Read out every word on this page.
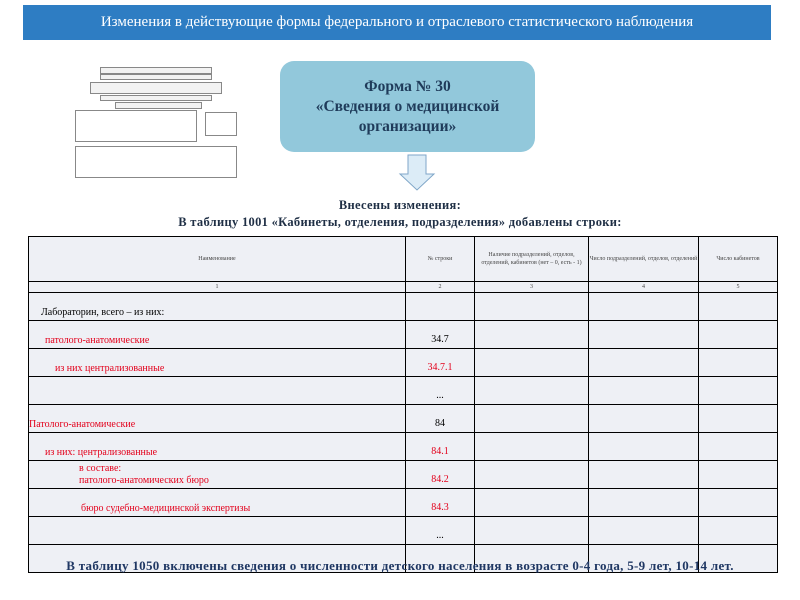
Изменения в действующие формы федерального и отраслевого статистического наблюдения
Форма № 30
«Сведения о медицинской
организации»
Внесены изменения:
В таблицу 1001 «Кабинеты, отделения, подразделения» добавлены строки:
Наименование	№ строки	Наличие подразделений, отделов, отделений, кабинетов (нет – 0, есть - 1)	Число подразделений, отделов, отделений	Число кабинетов
1	2	3	4	5
Лабораторин, всего – из них:				
патолого-анатомические	34.7			
из них централизованные	34.7.1			
	...			
Патолого-анатомические	84			
из них: централизованные	84.1			
в составе:
патолого-анатомических бюро	84.2			
бюро судебно-медицинской экспертизы	84.3			
	...			

В таблицу 1050 включены сведения о численности детского населения в возрасте 0-4 года, 5-9 лет, 10-14 лет.
